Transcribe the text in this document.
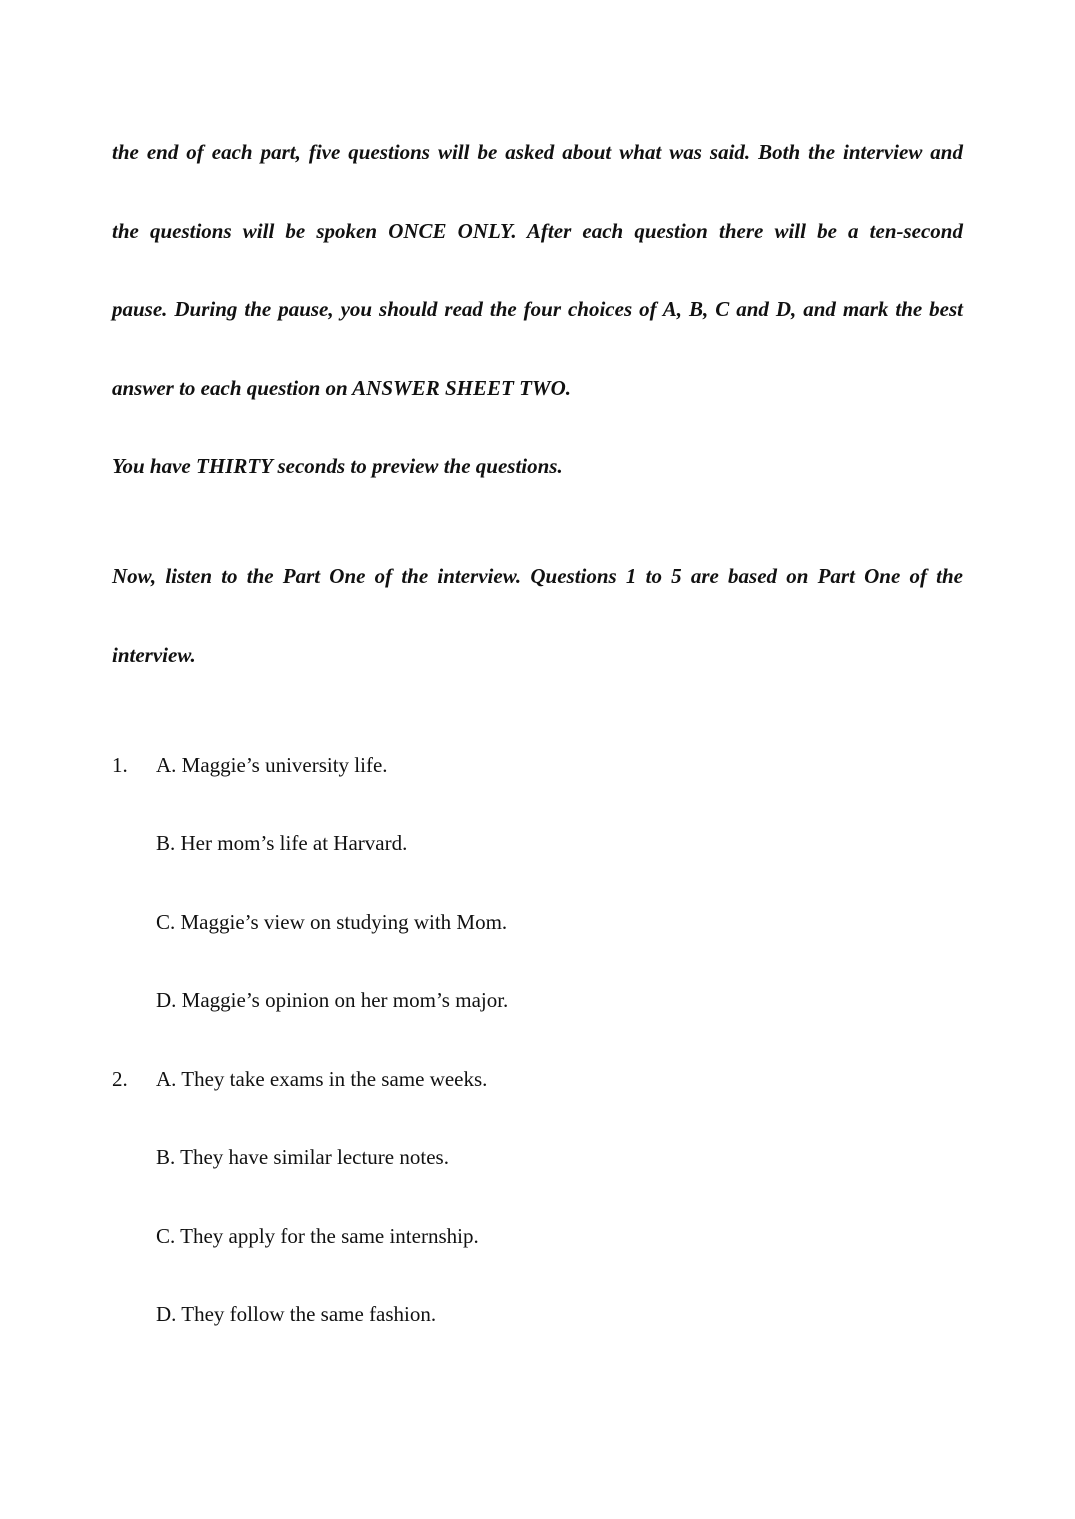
the end of each part, five questions will be asked about what was said. Both the interview and
the questions will be spoken ONCE ONLY. After each question there will be a ten-second
pause. During the pause, you should read the four choices of A, B, C and D, and mark the best
answer to each question on ANSWER SHEET TWO.
You have THIRTY seconds to preview the questions.
Now, listen to the Part One of the interview. Questions 1 to 5 are based on Part One of the
interview.
1. A. Maggie’s university life.
B. Her mom’s life at Harvard.
C. Maggie’s view on studying with Mom.
D. Maggie’s opinion on her mom’s major.
2. A. They take exams in the same weeks.
B. They have similar lecture notes.
C. They apply for the same internship.
D. They follow the same fashion.
